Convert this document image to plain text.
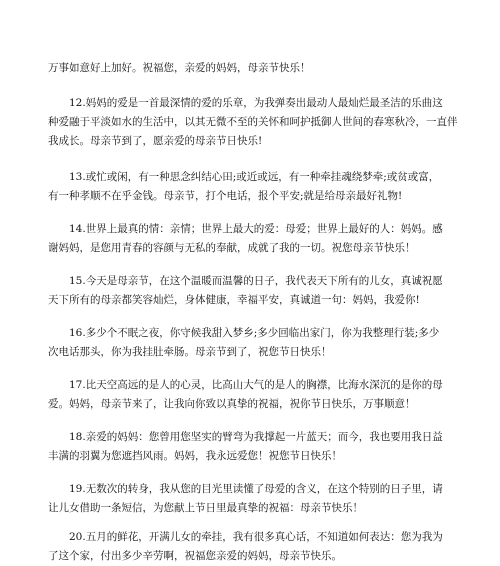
万事如意好上加好。祝福您，亲爱的妈妈，母亲节快乐！
12.妈妈的爱是一首最深情的爱的乐章，为我弹奏出最动人最灿烂最圣洁的乐曲这
种爱融于平淡如水的生活中，以其无微不至的关怀和呵护抵御人世间的春寒秋冷，一直伴
我成长。母亲节到了，愿亲爱的母亲节日快乐!
13.或忙或闲，有一种思念纠结心田;或近或远，有一种牵挂魂绕梦牵;或贫或富，
有一种孝顺不在乎金钱。母亲节，打个电话，报个平安;就是给母亲最好礼物!
14.世界上最真的情：亲情；世界上最大的爱：母爱；世界上最好的人：妈妈。感
谢妈妈，是您用青春的容颜与无私的奉献，成就了我的一切。祝您母亲节快乐！
15.今天是母亲节，在这个温暖而温馨的日子，我代表天下所有的儿女，真诚祝愿
天下所有的母亲都笑容灿烂，身体健康，幸福平安，真诚道一句：妈妈，我爱你!
16.多少个不眠之夜，你守候我甜入梦乡;多少回临出家门，你为我整理行装;多少
次电话那头，你为我挂肚牵肠。母亲节到了，祝您节日快乐！
17.比天空高远的是人的心灵，比高山大气的是人的胸襟，比海水深沉的是你的母
爱。妈妈，母亲节来了，让我向你致以真挚的祝福，祝你节日快乐，万事顺意！
18.亲爱的妈妈：您曾用您坚实的臂弯为我撑起一片蓝天；而今，我也要用我日益
丰满的羽翼为您遮挡风雨。妈妈，我永远爱您！祝您节日快乐！
19.无数次的转身，我从您的目光里读懂了母爱的含义，在这个特别的日子里，请
让儿女借助一条短信，为您献上节日里最真挚的祝福：母亲节快乐！
20.五月的鲜花，开满儿女的牵挂，我有很多真心话，不知道如何表达：您为我为
了这个家，付出多少辛劳啊，祝福您亲爱的妈妈，母亲节快乐。
